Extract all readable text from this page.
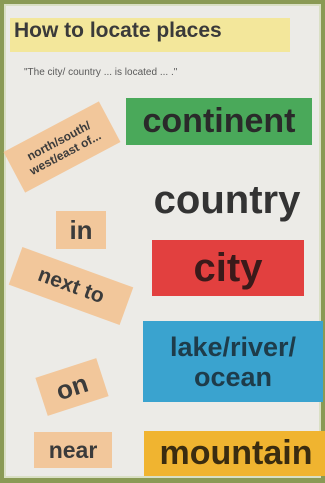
How to locate places
"The city/ country ... is located ... ."
continent
country
city
lake/river/ ocean
mountain
north/south/ west/east of...
in
next to
on
near
